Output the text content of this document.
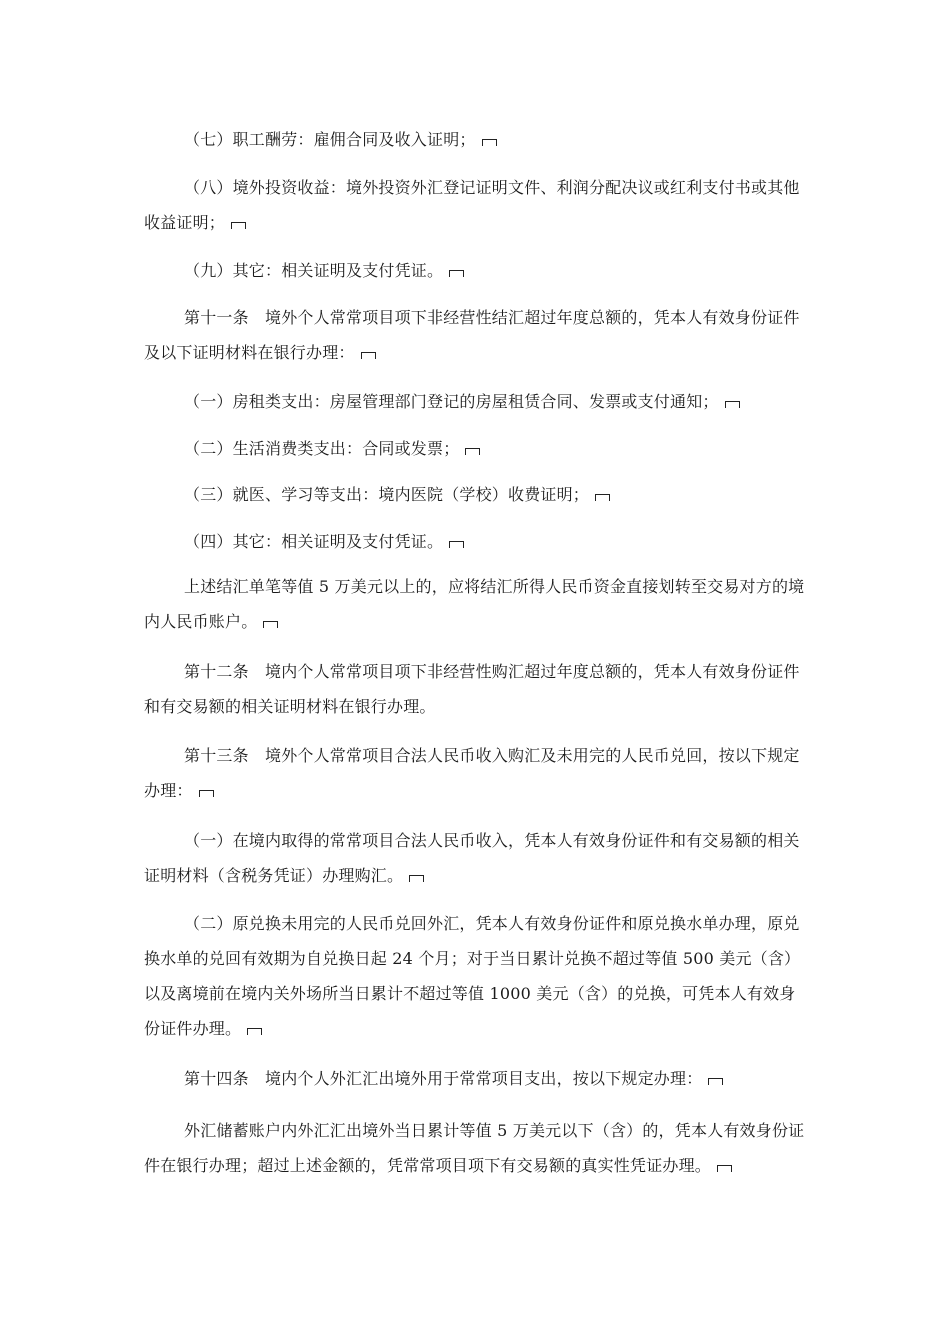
（七）职工酬劳：雇佣合同及收入证明；

（八）境外投资收益：境外投资外汇登记证明文件、利润分配决议或红利支付书或其他收益证明；

（九）其它：相关证明及支付凭证。

第十一条　境外个人常常项目项下非经营性结汇超过年度总额的，凭本人有效身份证件及以下证明材料在银行办理：

（一）房租类支出：房屋管理部门登记的房屋租赁合同、发票或支付通知；

（二）生活消费类支出：合同或发票；

（三）就医、学习等支出：境内医院（学校）收费证明；

（四）其它：相关证明及支付凭证。

上述结汇单笔等值 5 万美元以上的，应将结汇所得人民币资金直接划转至交易对方的境内人民币账户。

第十二条　境内个人常常项目项下非经营性购汇超过年度总额的，凭本人有效身份证件和有交易额的相关证明材料在银行办理。

第十三条　境外个人常常项目合法人民币收入购汇及未用完的人民币兑回，按以下规定办理：

（一）在境内取得的常常项目合法人民币收入，凭本人有效身份证件和有交易额的相关证明材料（含税务凭证）办理购汇。

（二）原兑换未用完的人民币兑回外汇，凭本人有效身份证件和原兑换水单办理，原兑换水单的兑回有效期为自兑换日起 24 个月；对于当日累计兑换不超过等值 500 美元（含）以及离境前在境内关外场所当日累计不超过等值 1000 美元（含）的兑换，可凭本人有效身份证件办理。

第十四条　境内个人外汇汇出境外用于常常项目支出，按以下规定办理：

外汇储蓄账户内外汇汇出境外当日累计等值 5 万美元以下（含）的，凭本人有效身份证件在银行办理；超过上述金额的，凭常常项目项下有交易额的真实性凭证办理。
